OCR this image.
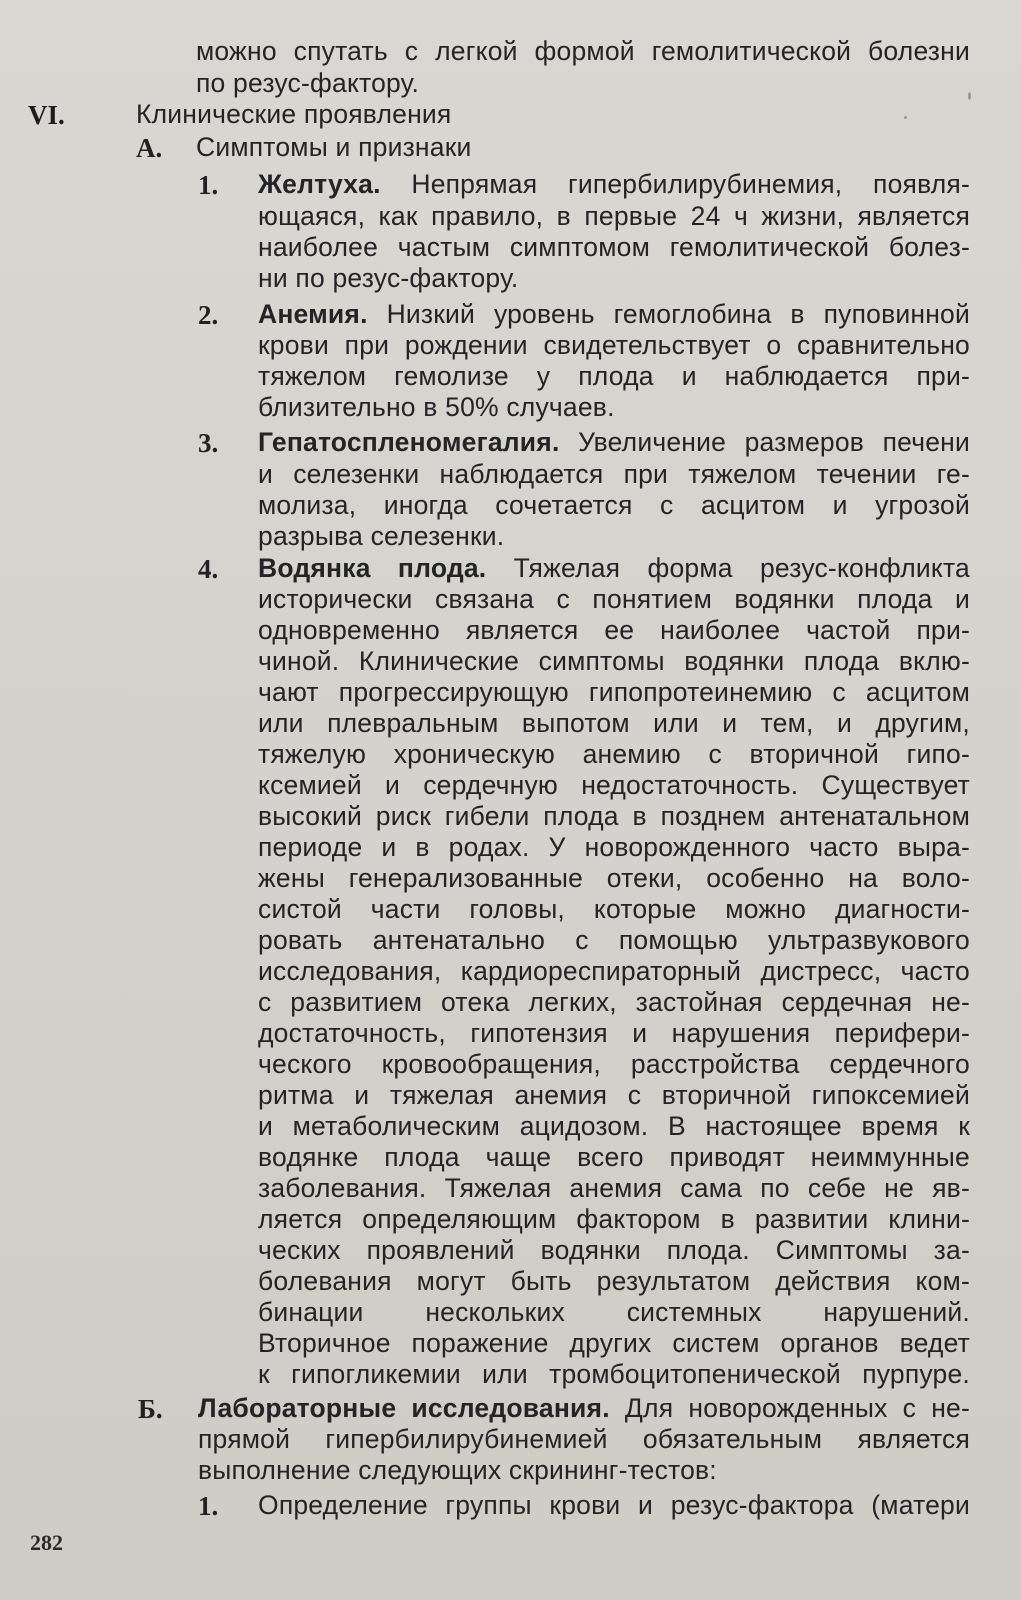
можно спутать с легкой формой гемолитической болезни
по резус-фактору.
VI.	Клинические проявления
А. Симптомы и признаки
1. Желтуха. Непрямая гипербилирубинемия, появля-
ющаяся, как правило, в первые 24 ч жизни, является
наиболее частым симптомом гемолитической болез-
ни по резус-фактору.
2. Анемия. Низкий уровень гемоглобина в пуповинной
крови при рождении свидетельствует о сравнительно
тяжелом гемолизе у плода и наблюдается при-
близительно в 50% случаев.
3. Гепатоспленомегалия. Увеличение размеров печени
и селезенки наблюдается при тяжелом течении ге-
молиза, иногда сочетается с асцитом и угрозой
разрыва селезенки.
4. Водянка плода. Тяжелая форма резус-конфликта
исторически связана с понятием водянки плода и
одновременно является ее наиболее частой при-
чиной. Клинические симптомы водянки плода вклю-
чают прогрессирующую гипопротеинемию с асцитом
или плевральным выпотом или и тем, и другим,
тяжелую хроническую анемию с вторичной гипо-
ксемией и сердечную недостаточность. Существует
высокий риск гибели плода в позднем антенатальном
периоде и в родах. У новорожденного часто выра-
жены генерализованные отеки, особенно на воло-
систой части головы, которые можно диагности-
ровать антенатально с помощью ультразвукового
исследования, кардиореспираторный дистресс, часто
с развитием отека легких, застойная сердечная не-
достаточность, гипотензия и нарушения перифери-
ческого кровообращения, расстройства сердечного
ритма и тяжелая анемия с вторичной гипоксемией
и метаболическим ацидозом. В настоящее время к
водянке плода чаще всего приводят неиммунные
заболевания. Тяжелая анемия сама по себе не яв-
ляется определяющим фактором в развитии клини-
ческих проявлений водянки плода. Симптомы за-
болевания могут быть результатом действия ком-
бинации нескольких системных нарушений.
Вторичное поражение других систем органов ведет
к гипогликемии или тромбоцитопенической пурпуре.
Б. Лабораторные исследования. Для новорожденных с не-
прямой гипербилирубинемией обязательным является
выполнение следующих скрининг-тестов:
1. Определение группы крови и резус-фактора (матери
282
